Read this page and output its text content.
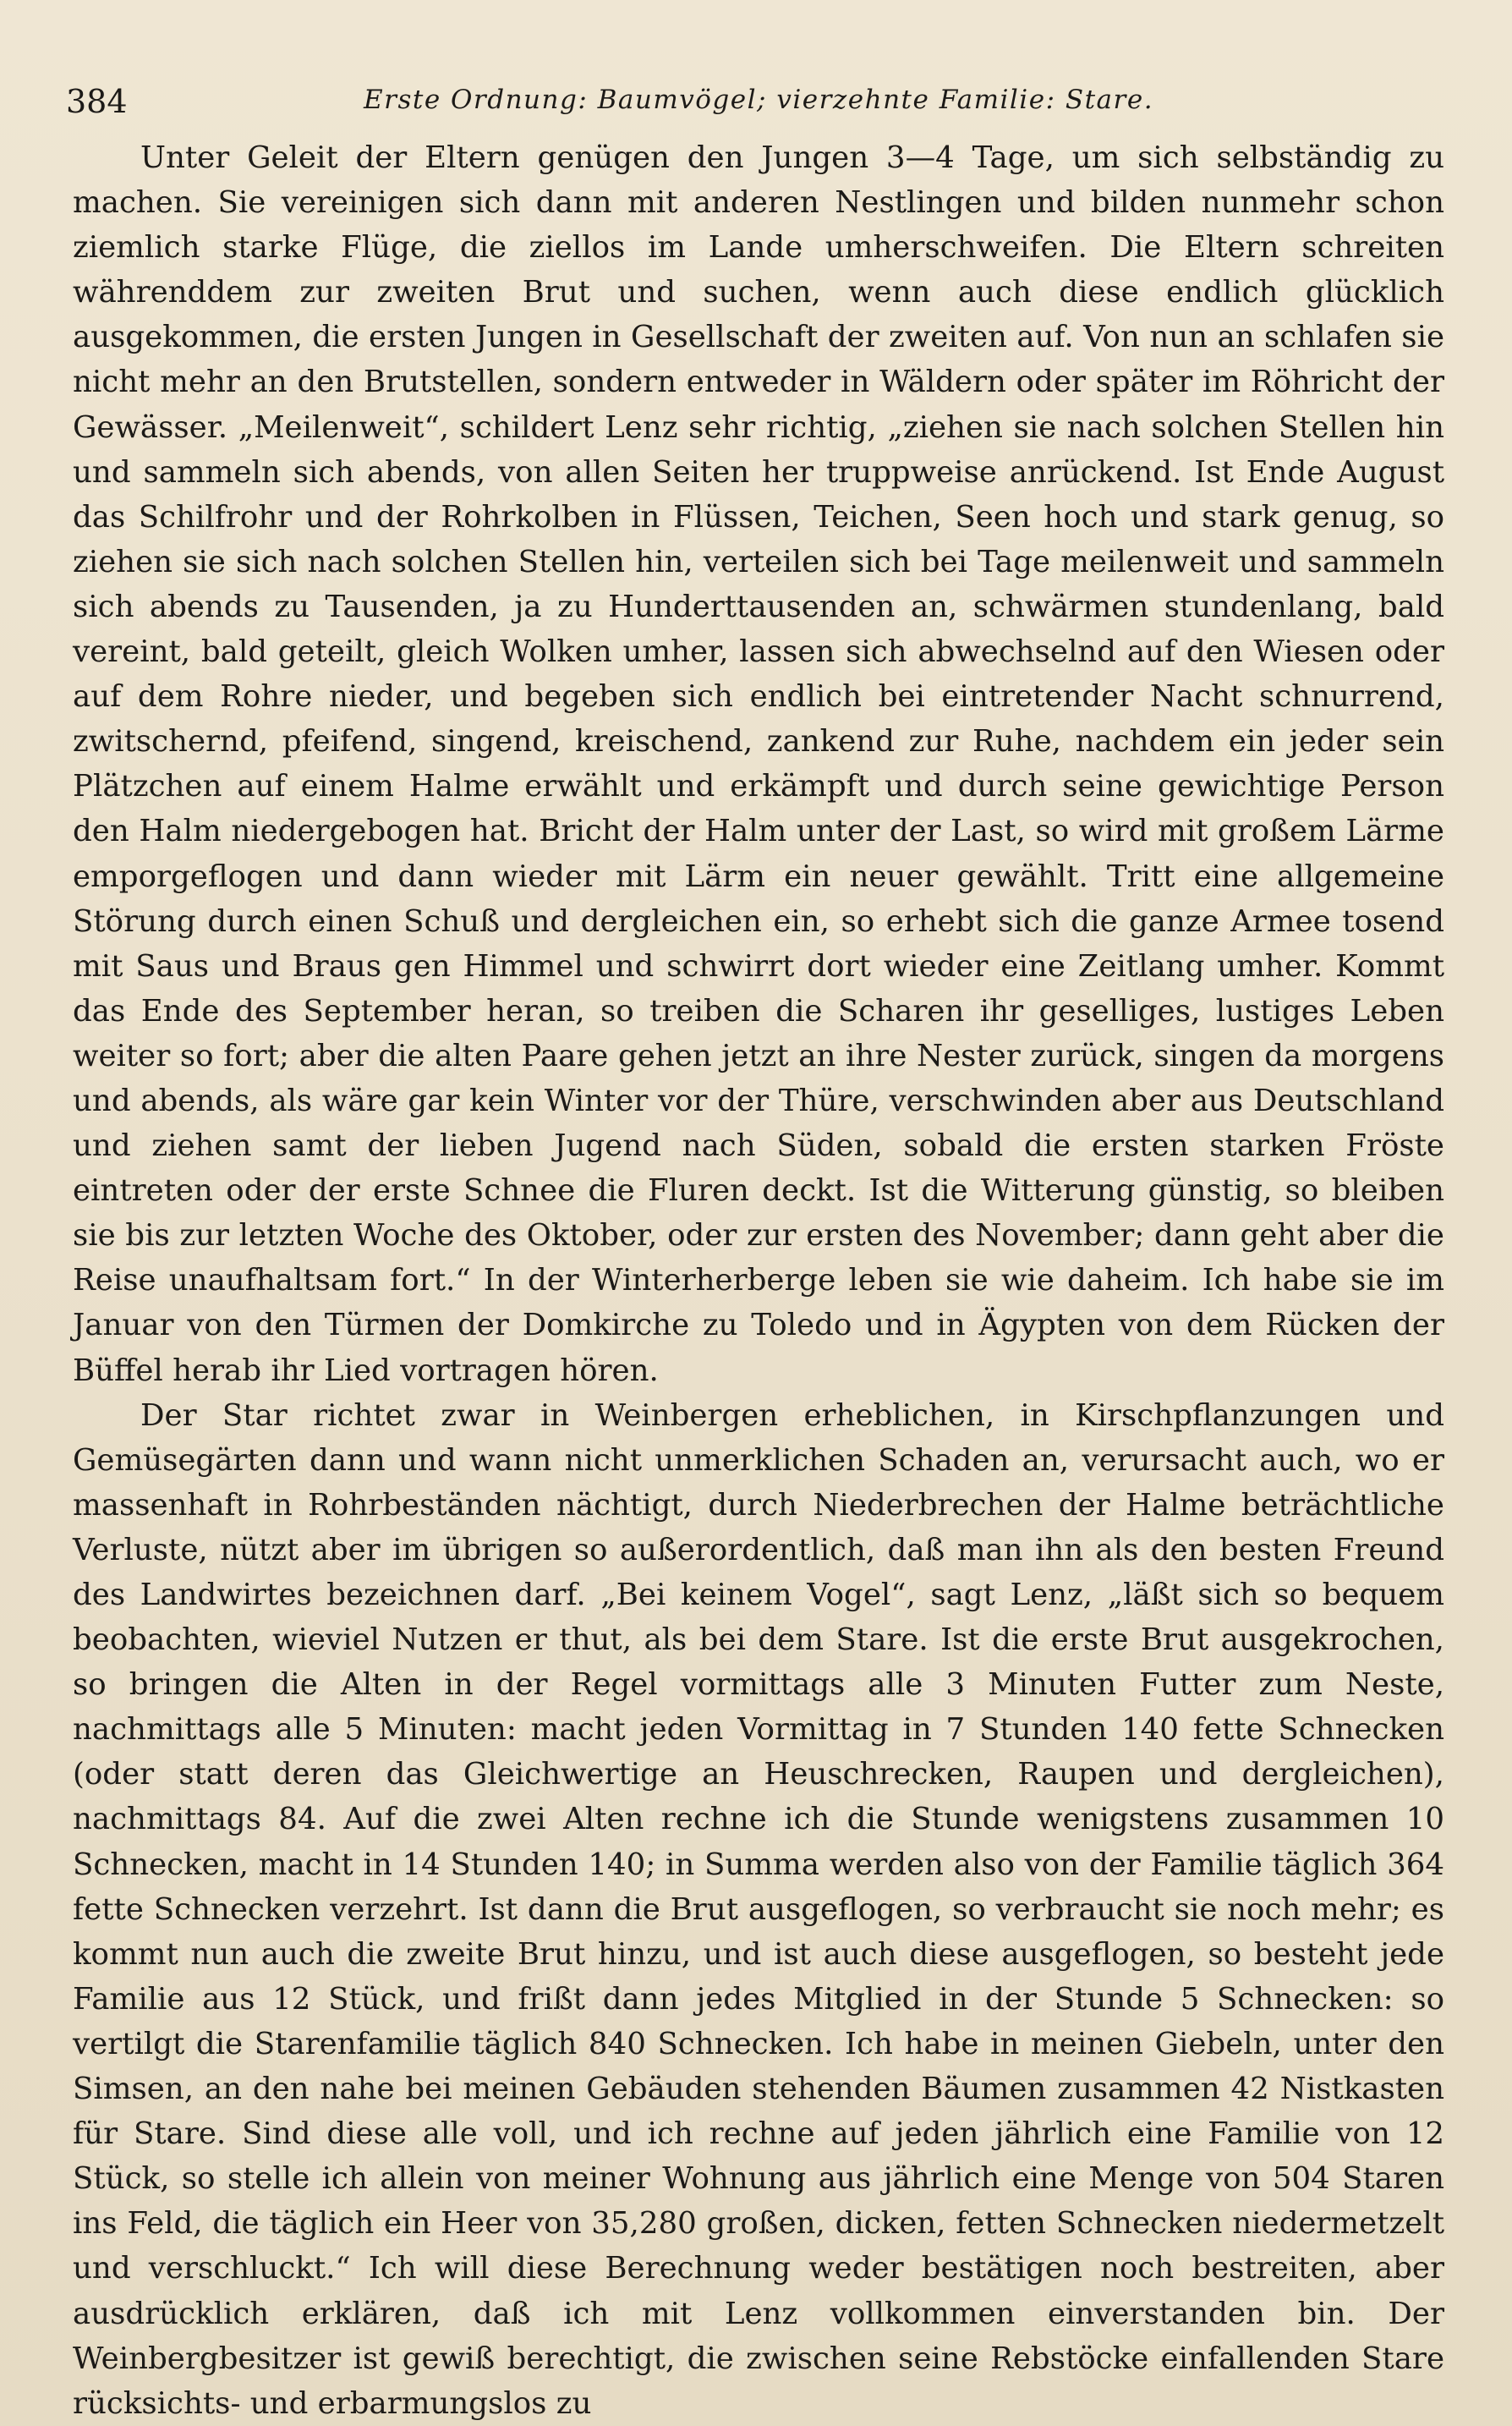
384	Erste Ordnung: Baumvögel; vierzehnte Familie: Stare.

Unter Geleit der Eltern genügen den Jungen 3—4 Tage, um sich selbständig zu machen. Sie vereinigen sich dann mit anderen Nestlingen und bilden nunmehr schon ziemlich starke Flüge, die ziellos im Lande umherschweifen. Die Eltern schreiten währenddem zur zweiten Brut und suchen, wenn auch diese endlich glücklich ausgekommen, die ersten Jungen in Gesellschaft der zweiten auf. Von nun an schlafen sie nicht mehr an den Brutstellen, sondern entweder in Wäldern oder später im Röhricht der Gewässer. „Meilenweit“, schildert Lenz sehr richtig, „ziehen sie nach solchen Stellen hin und sammeln sich abends, von allen Seiten her truppweise anrückend. Ist Ende August das Schilfrohr und der Rohrkolben in Flüssen, Teichen, Seen hoch und stark genug, so ziehen sie sich nach solchen Stellen hin, verteilen sich bei Tage meilenweit und sammeln sich abends zu Tausenden, ja zu Hunderttausenden an, schwärmen stundenlang, bald vereint, bald geteilt, gleich Wolken umher, lassen sich abwechselnd auf den Wiesen oder auf dem Rohre nieder, und begeben sich endlich bei eintretender Nacht schnurrend, zwitschernd, pfeifend, singend, kreischend, zankend zur Ruhe, nachdem ein jeder sein Plätzchen auf einem Halme erwählt und erkämpft und durch seine gewichtige Person den Halm niedergebogen hat. Bricht der Halm unter der Last, so wird mit großem Lärme emporgeflogen und dann wieder mit Lärm ein neuer gewählt. Tritt eine allgemeine Störung durch einen Schuß und dergleichen ein, so erhebt sich die ganze Armee tosend mit Saus und Braus gen Himmel und schwirrt dort wieder eine Zeitlang umher. Kommt das Ende des September heran, so treiben die Scharen ihr geselliges, lustiges Leben weiter so fort; aber die alten Paare gehen jetzt an ihre Nester zurück, singen da morgens und abends, als wäre gar kein Winter vor der Thüre, verschwinden aber aus Deutschland und ziehen samt der lieben Jugend nach Süden, sobald die ersten starken Fröste eintreten oder der erste Schnee die Fluren deckt. Ist die Witterung günstig, so bleiben sie bis zur letzten Woche des Oktober, oder zur ersten des November; dann geht aber die Reise unaufhaltsam fort.“ In der Winterherberge leben sie wie daheim. Ich habe sie im Januar von den Türmen der Domkirche zu Toledo und in Ägypten von dem Rücken der Büffel herab ihr Lied vortragen hören.

Der Star richtet zwar in Weinbergen erheblichen, in Kirschpflanzungen und Gemüsegärten dann und wann nicht unmerklichen Schaden an, verursacht auch, wo er massenhaft in Rohrbeständen nächtigt, durch Niederbrechen der Halme beträchtliche Verluste, nützt aber im übrigen so außerordentlich, daß man ihn als den besten Freund des Landwirtes bezeichnen darf. „Bei keinem Vogel“, sagt Lenz, „läßt sich so bequem beobachten, wieviel Nutzen er thut, als bei dem Stare. Ist die erste Brut ausgekrochen, so bringen die Alten in der Regel vormittags alle 3 Minuten Futter zum Neste, nachmittags alle 5 Minuten: macht jeden Vormittag in 7 Stunden 140 fette Schnecken (oder statt deren das Gleichwertige an Heuschrecken, Raupen und dergleichen), nachmittags 84. Auf die zwei Alten rechne ich die Stunde wenigstens zusammen 10 Schnecken, macht in 14 Stunden 140; in Summa werden also von der Familie täglich 364 fette Schnecken verzehrt. Ist dann die Brut ausgeflogen, so verbraucht sie noch mehr; es kommt nun auch die zweite Brut hinzu, und ist auch diese ausgeflogen, so besteht jede Familie aus 12 Stück, und frißt dann jedes Mitglied in der Stunde 5 Schnecken: so vertilgt die Starenfamilie täglich 840 Schnecken. Ich habe in meinen Giebeln, unter den Simsen, an den nahe bei meinen Gebäuden stehenden Bäumen zusammen 42 Nistkasten für Stare. Sind diese alle voll, und ich rechne auf jeden jährlich eine Familie von 12 Stück, so stelle ich allein von meiner Wohnung aus jährlich eine Menge von 504 Staren ins Feld, die täglich ein Heer von 35,280 großen, dicken, fetten Schnecken niedermetzelt und verschluckt.“ Ich will diese Berechnung weder bestätigen noch bestreiten, aber ausdrücklich erklären, daß ich mit Lenz vollkommen einverstanden bin. Der Weinbergbesitzer ist gewiß berechtigt, die zwischen seine Rebstöcke einfallenden Stare rücksichts- und erbarmungslos zu
